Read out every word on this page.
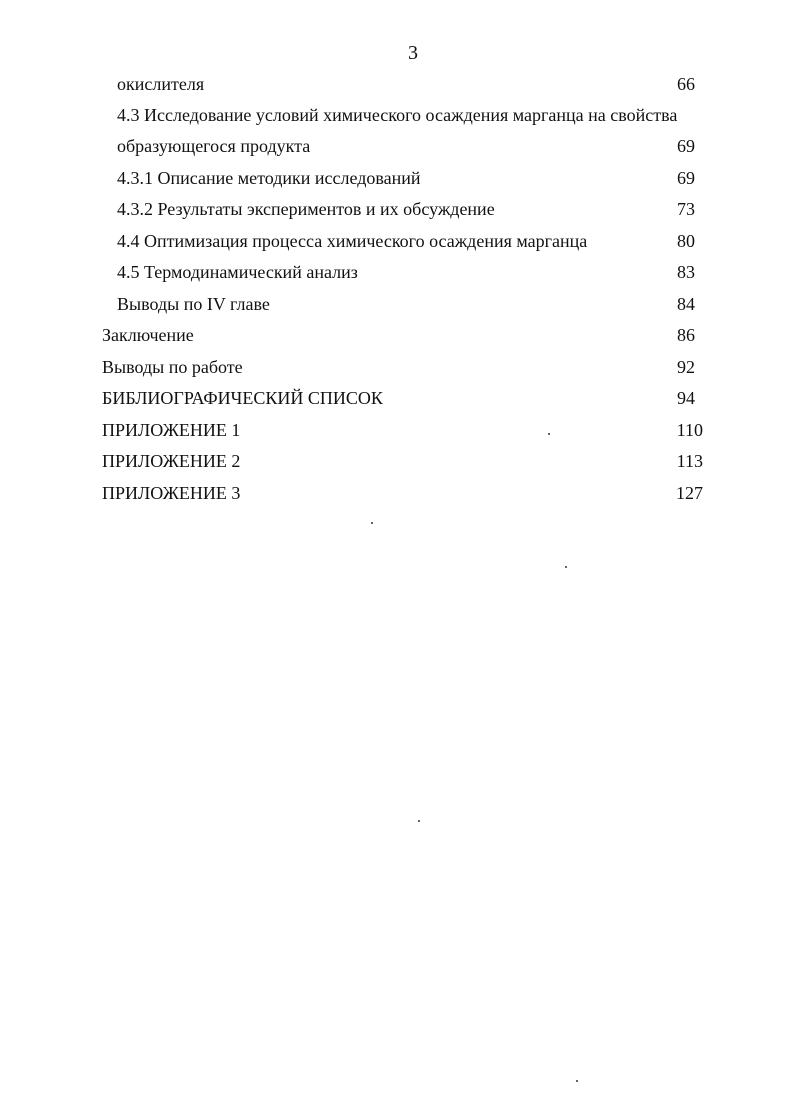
3
окислителя	66
4.3 Исследование условий химического осаждения марганца на свойства
образующегося продукта	69
4.3.1 Описание методики исследований	69
4.3.2 Результаты экспериментов и их обсуждение	73
4.4 Оптимизация процесса химического осаждения марганца	80
4.5 Термодинамический анализ	83
Выводы по IV главе	84
Заключение	86
Выводы по работе	92
БИБЛИОГРАФИЧЕСКИЙ СПИСОК	94
ПРИЛОЖЕНИЕ 1	110
ПРИЛОЖЕНИЕ 2	113
ПРИЛОЖЕНИЕ 3	127
